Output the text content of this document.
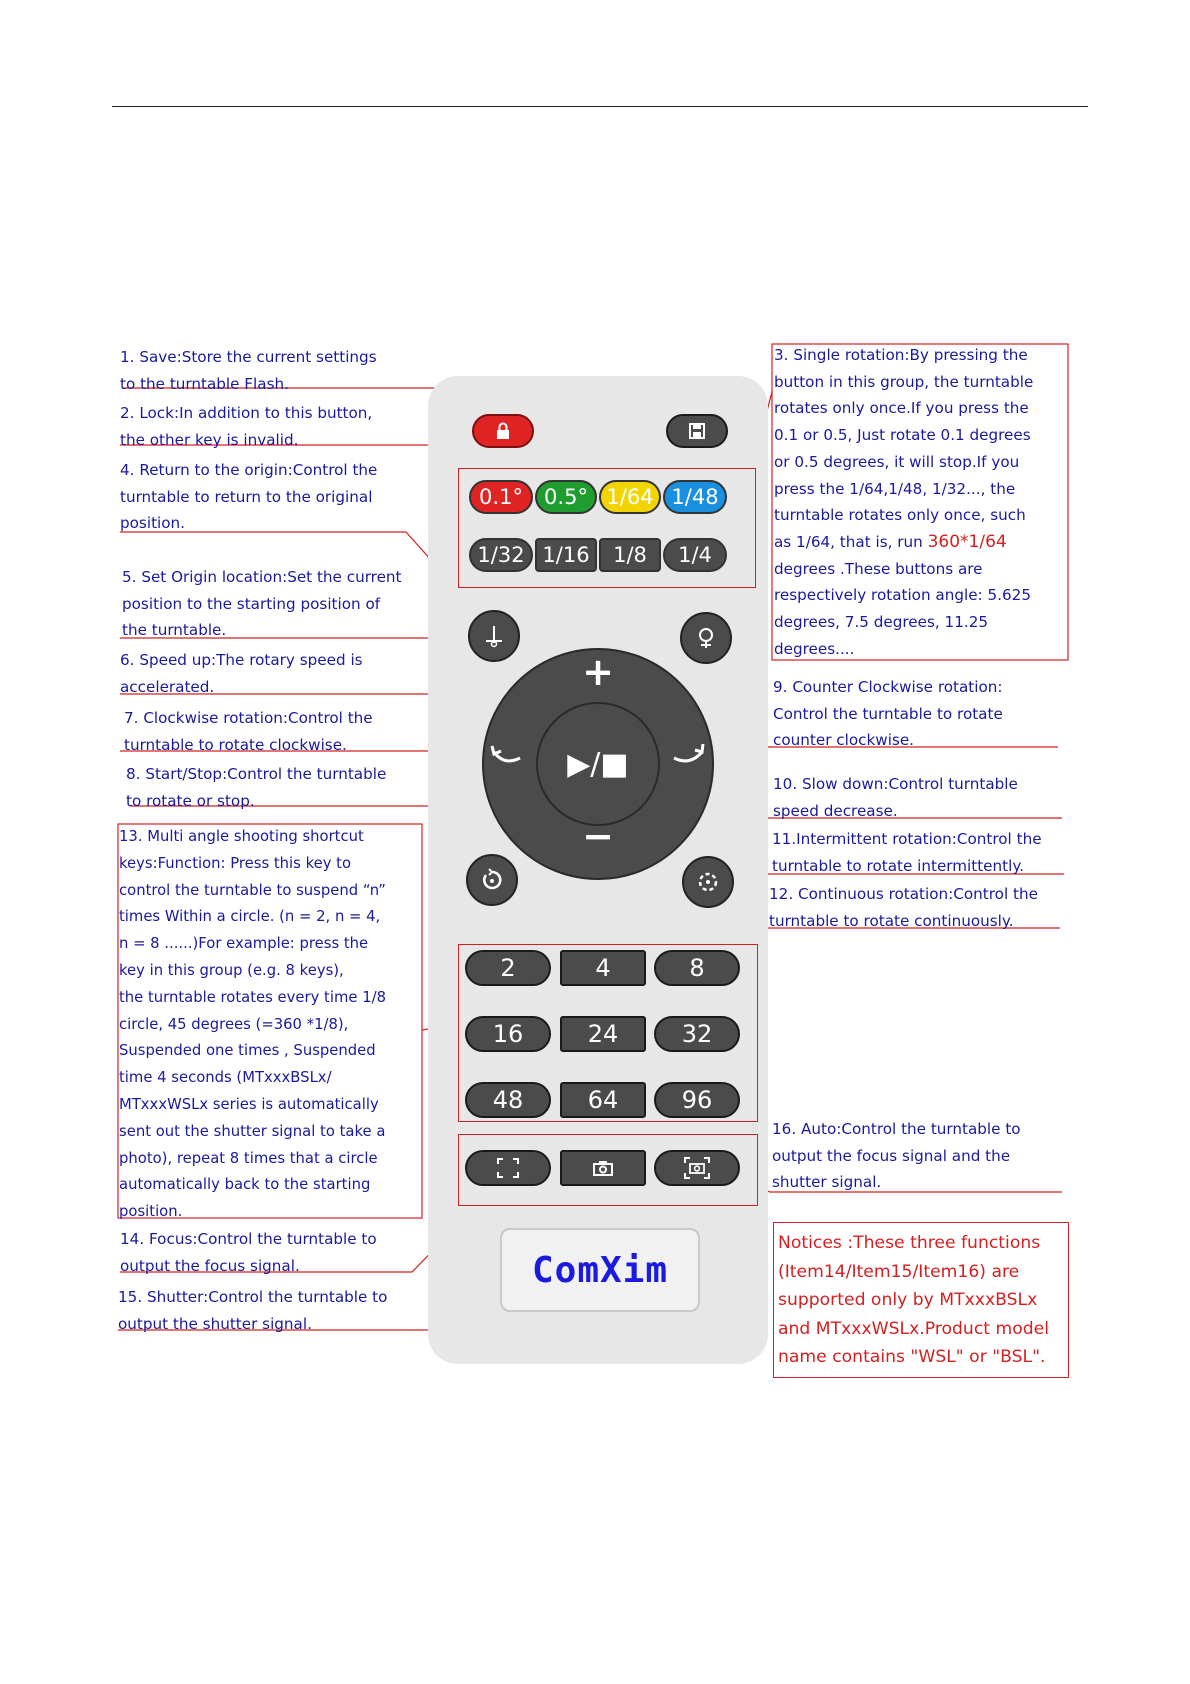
1. Save:Store the current settings
to the turntable Flash.
2. Lock:In addition to this button,
the other key is invalid.
4. Return to the origin:Control the
turntable to return to the original
position.
5. Set Origin location:Set the current
position to the starting position of
the turntable.
6. Speed up:The rotary speed is
accelerated.
7. Clockwise rotation:Control the
turntable to rotate clockwise.
8. Start/Stop:Control the turntable
to rotate or stop.
13. Multi angle shooting shortcut
keys:Function: Press this key to
control the turntable to suspend “n”
times Within a circle. (n = 2, n = 4,
n = 8 ......)For example: press the
key in this group (e.g. 8 keys),
the turntable rotates every time 1/8
circle, 45 degrees (=360 *1/8),
Suspended one times , Suspended
time 4 seconds (MTxxxBSLx/
MTxxxWSLx series is automatically
sent out the shutter signal to take a
photo), repeat 8 times that a circle
automatically back to the starting
position.
14. Focus:Control the turntable to
output the focus signal.
15. Shutter:Control the turntable to
output the shutter signal.
3. Single rotation:By pressing the
button in this group, the turntable
rotates only once.If you press the
0.1 or 0.5, Just rotate 0.1 degrees
or 0.5 degrees, it will stop.If you
press the 1/64,1/48, 1/32..., the
turntable rotates only once, such
as 1/64, that is, run 360*1/64
degrees .These buttons are
respectively rotation angle: 5.625
degrees, 7.5 degrees, 11.25
degrees....
9. Counter Clockwise rotation:
Control the turntable to rotate
counter clockwise.
10. Slow down:Control turntable
speed decrease.
11.Intermittent rotation:Control the
turntable to rotate intermittently.
12. Continuous rotation:Control the
turntable to rotate continuously.
16. Auto:Control the turntable to
output the focus signal and the
shutter signal.
Notices :These three functions
(Item14/Item15/Item16) are
supported only by MTxxxBSLx
and MTxxxWSLx.Product model
name contains "WSL" or "BSL".
0.1° 0.5° 1/64 1/48
1/32 1/16 1/8 1/4
▶/■
+
−
2	4	8
16	24	32
48	64	96
ComXim
